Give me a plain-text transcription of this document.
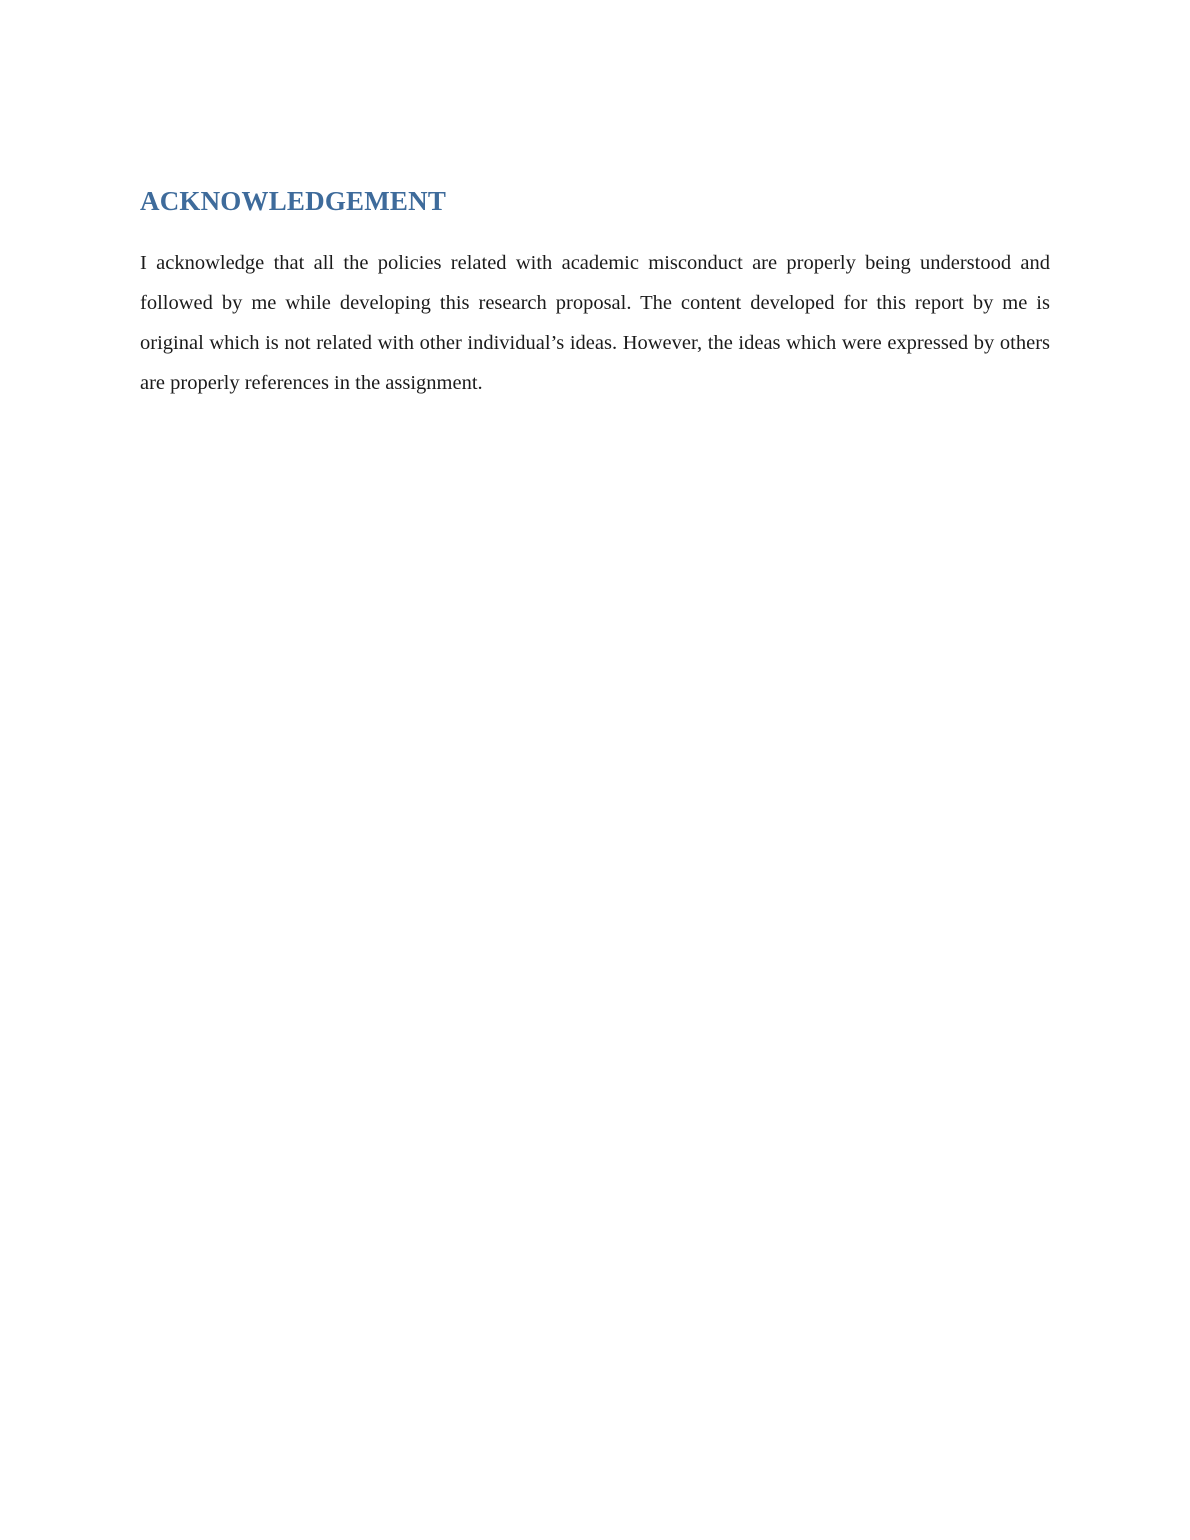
ACKNOWLEDGEMENT

I acknowledge that all the policies related with academic misconduct are properly being understood and followed by me while developing this research proposal. The content developed for this report by me is original which is not related with other individual’s ideas. However, the ideas which were expressed by others are properly references in the assignment.
